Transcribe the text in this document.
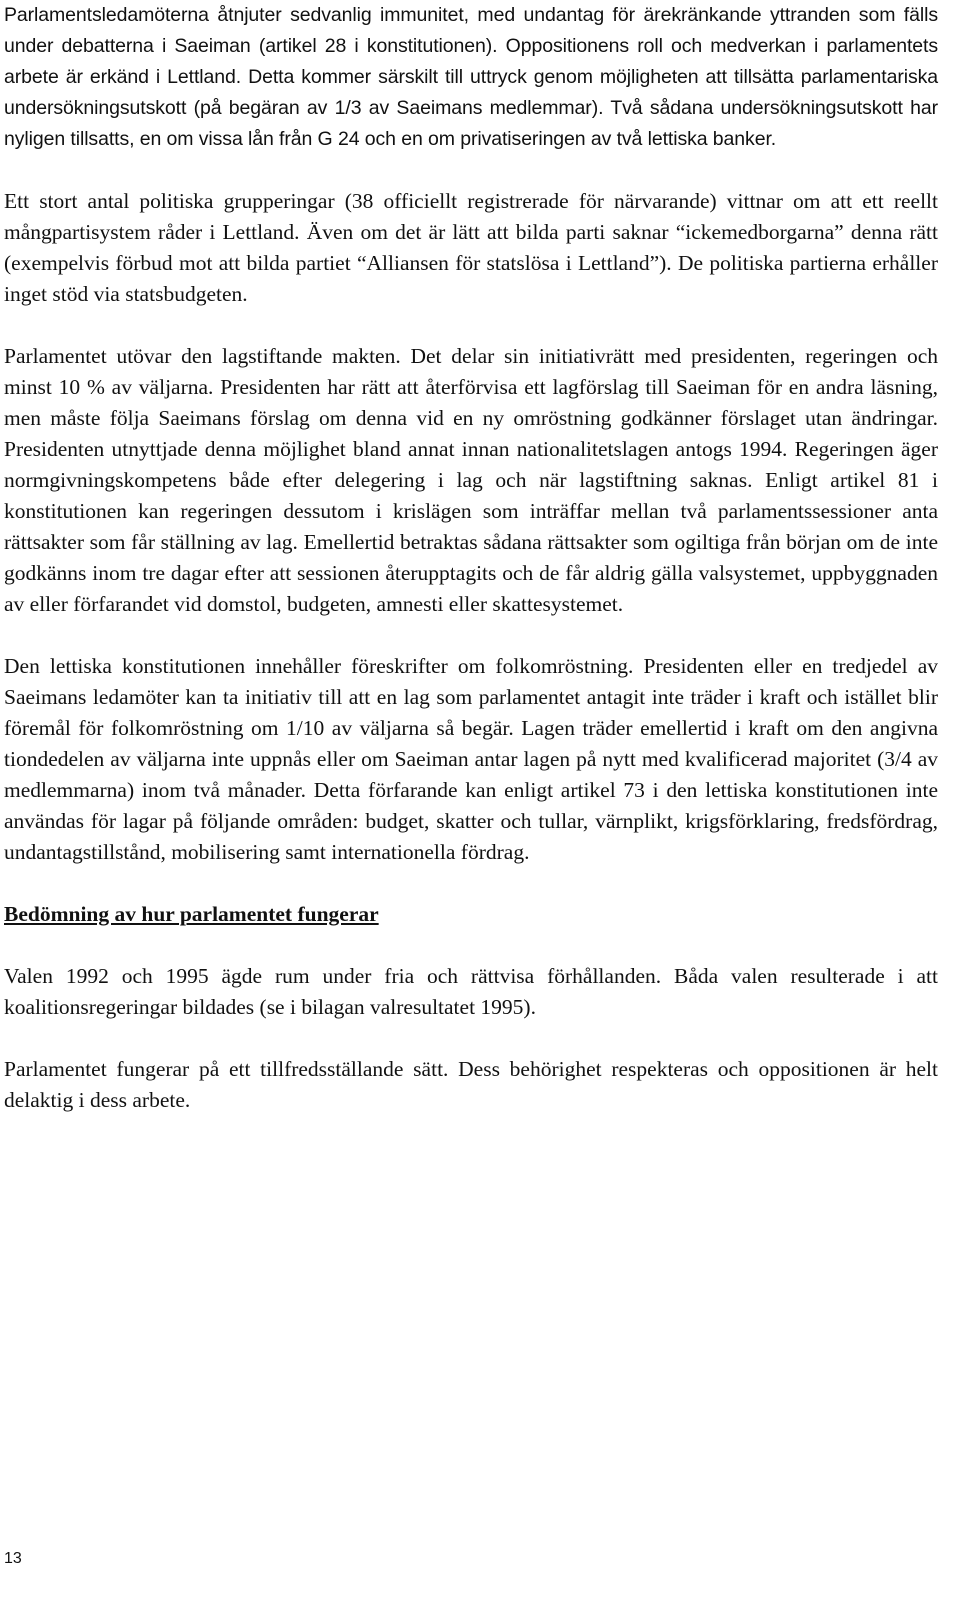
Parlamentsledamöterna åtnjuter sedvanlig immunitet, med undantag för ärekränkande yttranden som fälls under debatterna i Saeiman (artikel 28 i konstitutionen). Oppositionens roll och medverkan i parlamentets arbete är erkänd i Lettland. Detta kommer särskilt till uttryck genom möjligheten att tillsätta parlamentariska undersökningsutskott (på begäran av 1/3 av Saeimans medlemmar). Två sådana undersökningsutskott har nyligen tillsatts, en om vissa lån från G 24 och en om privatiseringen av två lettiska banker.

Ett stort antal politiska grupperingar (38 officiellt registrerade för närvarande) vittnar om att ett reellt mångpartisystem råder i Lettland. Även om det är lätt att bilda parti saknar “ickemedborgarna” denna rätt (exempelvis förbud mot att bilda partiet “Alliansen för statslösa i Lettland”). De politiska partierna erhåller inget stöd via statsbudgeten.

Parlamentet utövar den lagstiftande makten. Det delar sin initiativrätt med presidenten, regeringen och minst 10 % av väljarna. Presidenten har rätt att återförvisa ett lagförslag till Saeiman för en andra läsning, men måste följa Saeimans förslag om denna vid en ny omröstning godkänner förslaget utan ändringar. Presidenten utnyttjade denna möjlighet bland annat innan nationalitetslagen antogs 1994. Regeringen äger normgivningskompetens både efter delegering i lag och när lagstiftning saknas. Enligt artikel 81 i konstitutionen kan regeringen dessutom i krislägen som inträffar mellan två parlamentssessioner anta rättsakter som får ställning av lag. Emellertid betraktas sådana rättsakter som ogiltiga från början om de inte godkänns inom tre dagar efter att sessionen återupptagits och de får aldrig gälla valsystemet, uppbyggnaden av eller förfarandet vid domstol, budgeten, amnesti eller skattesystemet.

Den lettiska konstitutionen innehåller föreskrifter om folkomröstning. Presidenten eller en tredjedel av Saeimans ledamöter kan ta initiativ till att en lag som parlamentet antagit inte träder i kraft och istället blir föremål för folkomröstning om 1/10 av väljarna så begär. Lagen träder emellertid i kraft om den angivna tiondedelen av väljarna inte uppnås eller om Saeiman antar lagen på nytt med kvalificerad majoritet (3/4 av medlemmarna) inom två månader. Detta förfarande kan enligt artikel 73 i den lettiska konstitutionen inte användas för lagar på följande områden: budget, skatter och tullar, värnplikt, krigsförklaring, fredsfördrag, undantagstillstånd, mobilisering samt internationella fördrag.

Bedömning av hur parlamentet fungerar

Valen 1992 och 1995 ägde rum under fria och rättvisa förhållanden. Båda valen resulterade i att koalitionsregeringar bildades (se i bilagan valresultatet 1995).

Parlamentet fungerar på ett tillfredsställande sätt. Dess behörighet respekteras och oppositionen är helt delaktig i dess arbete.

13
